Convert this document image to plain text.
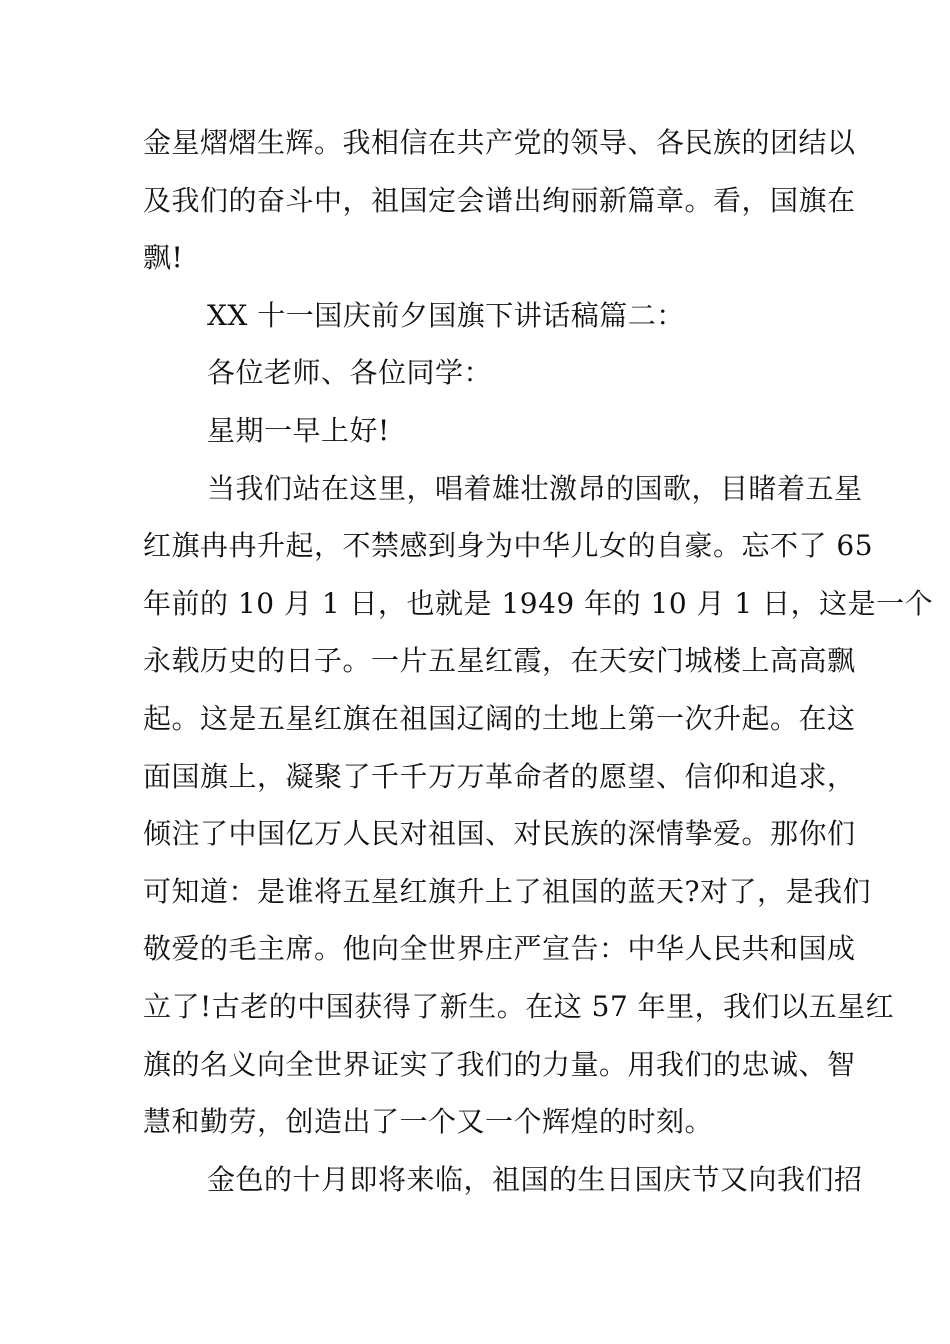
金星熠熠生辉。我相信在共产党的领导、各民族的团结以
及我们的奋斗中，祖国定会谱出绚丽新篇章。看，国旗在
飘!
XX 十一国庆前夕国旗下讲话稿篇二：
各位老师、各位同学：
星期一早上好!
当我们站在这里，唱着雄壮激昂的国歌，目睹着五星
红旗冉冉升起，不禁感到身为中华儿女的自豪。忘不了 65
年前的 10 月 1 日，也就是 1949 年的 10 月 1 日，这是一个
永载历史的日子。一片五星红霞，在天安门城楼上高高飘
起。这是五星红旗在祖国辽阔的土地上第一次升起。在这
面国旗上，凝聚了千千万万革命者的愿望、信仰和追求，
倾注了中国亿万人民对祖国、对民族的深情挚爱。那你们
可知道：是谁将五星红旗升上了祖国的蓝天?对了，是我们
敬爱的毛主席。他向全世界庄严宣告：中华人民共和国成
立了!古老的中国获得了新生。在这 57 年里，我们以五星红
旗的名义向全世界证实了我们的力量。用我们的忠诚、智
慧和勤劳，创造出了一个又一个辉煌的时刻。
金色的十月即将来临，祖国的生日国庆节又向我们招
